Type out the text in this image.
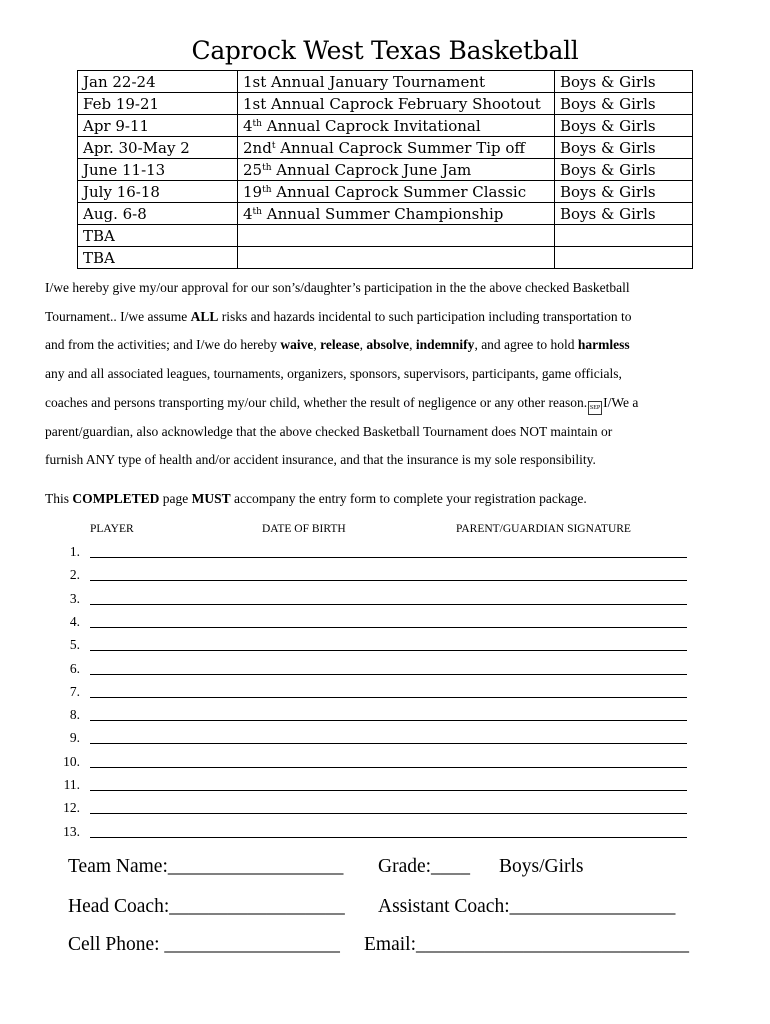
Caprock West Texas Basketball
Jan 22-24	1st Annual January Tournament	Boys & Girls
Feb 19-21	1st Annual Caprock February Shootout	Boys & Girls
Apr 9-11	4th Annual Caprock Invitational	Boys & Girls
Apr. 30-May 2	$2nd^t$ Annual Caprock Summer Tip off	Boys & Girls
June 11-13	25th Annual Caprock June Jam	Boys & Girls
July 16-18	19th Annual Caprock Summer Classic	Boys & Girls
Aug. 6-8	4th Annual Summer Championship	Boys & Girls
TBA		
TBA		

I/we hereby give my/our approval for our son’s/daughter’s participation in the the above checked Basketball

Tournament.. I/we assume ALL risks and hazards incidental to such participation including transportation to

and from the activities; and I/we do hereby waive, release, absolve, indemnify, and agree to hold harmless

any and all associated leagues, tournaments, organizers, sponsors, supervisors, participants, game officials,

coaches and persons transporting my/our child, whether the result of negligence or any other reason. SEP I/We a

parent/guardian, also acknowledge that the above checked Basketball Tournament does NOT maintain or

furnish ANY type of health and/or accident insurance, and that the insurance is my sole responsibility.

This COMPLETED page MUST accompany the entry form to complete your registration package.
PLAYER	DATE OF BIRTH	PARENT/GUARDIAN SIGNATURE
1.
2.
3.
4.
5.
6.
7.
8.
9.
10.
11.
12.
13.
Team Name:__________________ Grade:____ Boys/Girls
Head Coach:__________________ Assistant Coach:_________________
Cell Phone: __________________ Email:____________________________
